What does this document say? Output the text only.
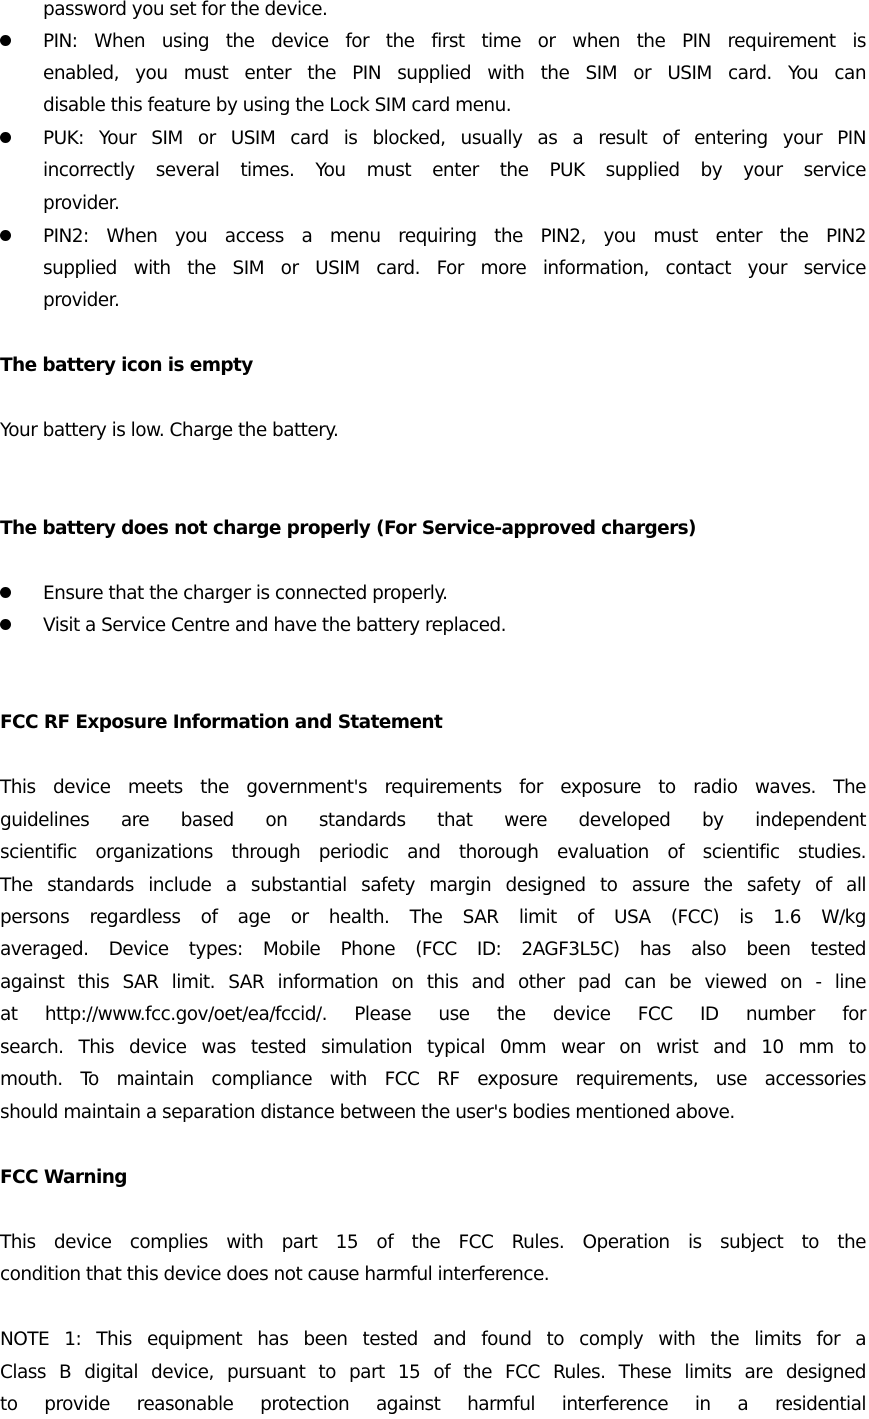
password you set for the device.
PIN: When using the device for the first time or when the PIN requirement is
enabled, you must enter the PIN supplied with the SIM or USIM card. You can
disable this feature by using the Lock SIM card menu.
PUK: Your SIM or USIM card is blocked, usually as a result of entering your PIN
incorrectly several times. You must enter the PUK supplied by your service
provider.
PIN2: When you access a menu requiring the PIN2, you must enter the PIN2
supplied with the SIM or USIM card. For more information, contact your service
provider.
The battery icon is empty
Your battery is low. Charge the battery.
The battery does not charge properly (For Service-approved chargers)
Ensure that the charger is connected properly.
Visit a Service Centre and have the battery replaced.
FCC RF Exposure Information and Statement
This device meets the government's requirements for exposure to radio waves. The
guidelines are based on standards that were developed by independent
scientific organizations through periodic and thorough evaluation of scientific studies.
The standards include a substantial safety margin designed to assure the safety of all
persons regardless of age or health. The SAR limit of USA (FCC) is 1.6 W/kg
averaged. Device types: Mobile Phone (FCC ID: 2AGF3L5C) has also been tested
against this SAR limit. SAR information on this and other pad can be viewed on - line
at http://www.fcc.gov/oet/ea/fccid/. Please use the device FCC ID number for
search. This device was tested simulation typical 0mm wear on wrist and 10 mm to
mouth. To maintain compliance with FCC RF exposure requirements, use accessories
should maintain a separation distance between the user's bodies mentioned above.
FCC Warning
This device complies with part 15 of the FCC Rules. Operation is subject to the
condition that this device does not cause harmful interference.
NOTE 1: This equipment has been tested and found to comply with the limits for a
Class B digital device, pursuant to part 15 of the FCC Rules. These limits are designed
to provide reasonable protection against harmful interference in a residential
